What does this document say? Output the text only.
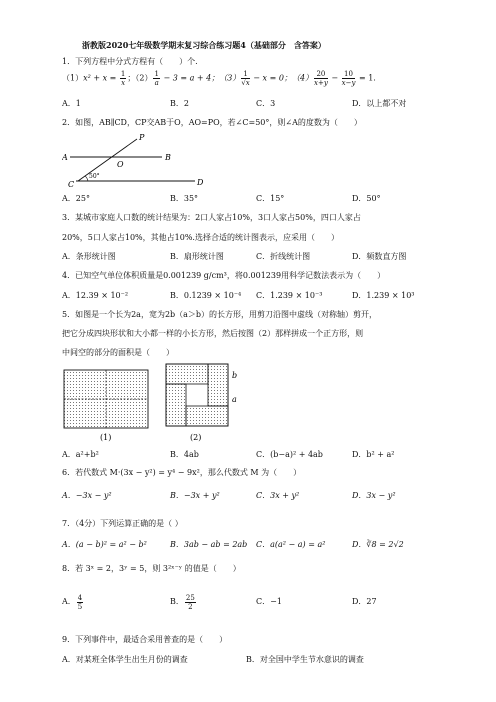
浙教版2020七年级数学期末复习综合练习题4（基础部分　含答案）
1．下列方程中分式方程有（　　）个.
$(1)x^2 + x = \frac{1}{x}$ ；$(2) \frac{1}{a} - 3 = a + 4$；$(3) \frac{1}{√x} - x = 0$；$(4) \frac{20}{x+y} - \frac{10}{x-y} = 1$.
A．1	B．2	C．3	D．以上都不对
2．如图，AB∥CD，CP交AB于O，AO=PO，若∠C=50°，则∠A的度数为（　　）
P
A	B
O
C	D
50°
A．25°	B．35°	C．15°	D．50°
3．某城市家庭人口数的统计结果为：2口人家占10%，3口人家占50%，四口人家占
20%，5口人家占10%，其他占10%.选择合适的统计图表示，应采用（　　）
A．条形统计图	B．扇形统计图	C．折线统计图	D．频数直方图
4．已知空气单位体积质量是0.001239 g/cm³，将0.001239用科学记数法表示为（　　）
A．12.39 × 10⁻²	B．0.1239 × 10⁻⁴ C．1.239 × 10⁻³	D．1.239 × 10³
5．如图是一个长为2a，宽为2b（a＞b）的长方形，用剪刀沿图中虚线（对称轴）剪开，
把它分成四块形状和大小都一样的小长方形，然后按图（2）那样拼成一个正方形，则
中间空的部分的面积是（　　）
(1)
b
a
(2)
A．a²+b²	B．4ab	C．(b−a)² + 4ab	D．b² + a²
6．若代数式 M·(3x − y²) = y⁴ − 9x²，那么代数式 M 为（　　）
A．−3x − y²	B．−3x + y²	C．3x + y²	D．3x − y²
7．（4分）下列运算正确的是（ ）
A．(a − b)² = a² − b²	B．3ab − ab = 2ab C．a(a² − a) = a²	D．∛8 = 2√2
8．若 3ˣ = 2，3ʸ = 5，则 3²ˣ⁻ʸ 的值是（　　）
A． $\frac{4}{5}$	B． $\frac{25}{2}$	C．−1	D．27
9．下列事件中，最适合采用普查的是（　　）
A．对某班全体学生出生月份的调查	B．对全国中学生节水意识的调查
